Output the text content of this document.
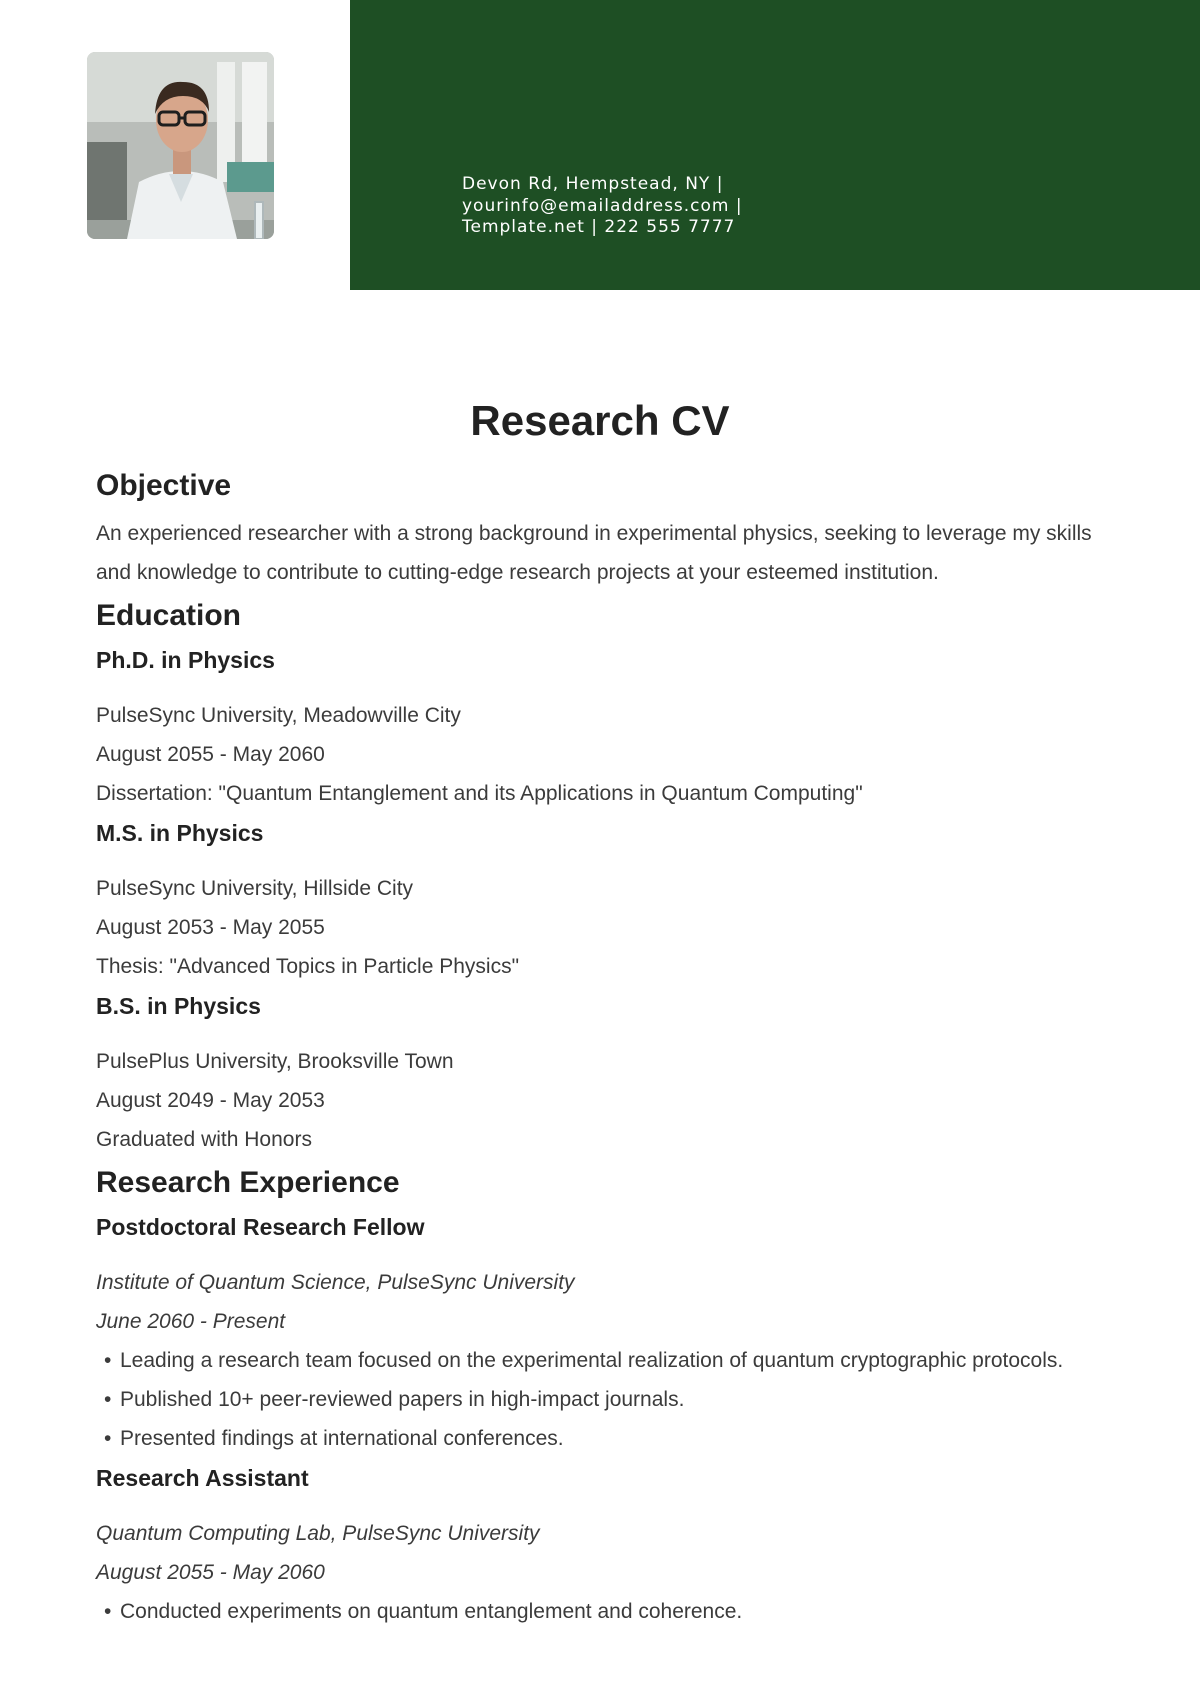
Devon Rd, Hempstead, NY |
yourinfo@emailaddress.com |
Template.net | 222 555 7777
Research CV
Objective

An experienced researcher with a strong background in experimental physics, seeking to leverage my skills and knowledge to contribute to cutting-edge research projects at your esteemed institution.

Education
Ph.D. in Physics

PulseSync University, Meadowville City

August 2055 - May 2060

Dissertation: "Quantum Entanglement and its Applications in Quantum Computing"

M.S. in Physics

PulseSync University, Hillside City

August 2053 - May 2055

Thesis: "Advanced Topics in Particle Physics"

B.S. in Physics

PulsePlus University, Brooksville Town

August 2049 - May 2053

Graduated with Honors

Research Experience
Postdoctoral Research Fellow

Institute of Quantum Science, PulseSync University

June 2060 - Present

• Leading a research team focused on the experimental realization of quantum cryptographic protocols.
• Published 10+ peer-reviewed papers in high-impact journals.
• Presented findings at international conferences.
Research Assistant

Quantum Computing Lab, PulseSync University

August 2055 - May 2060

• Conducted experiments on quantum entanglement and coherence.
